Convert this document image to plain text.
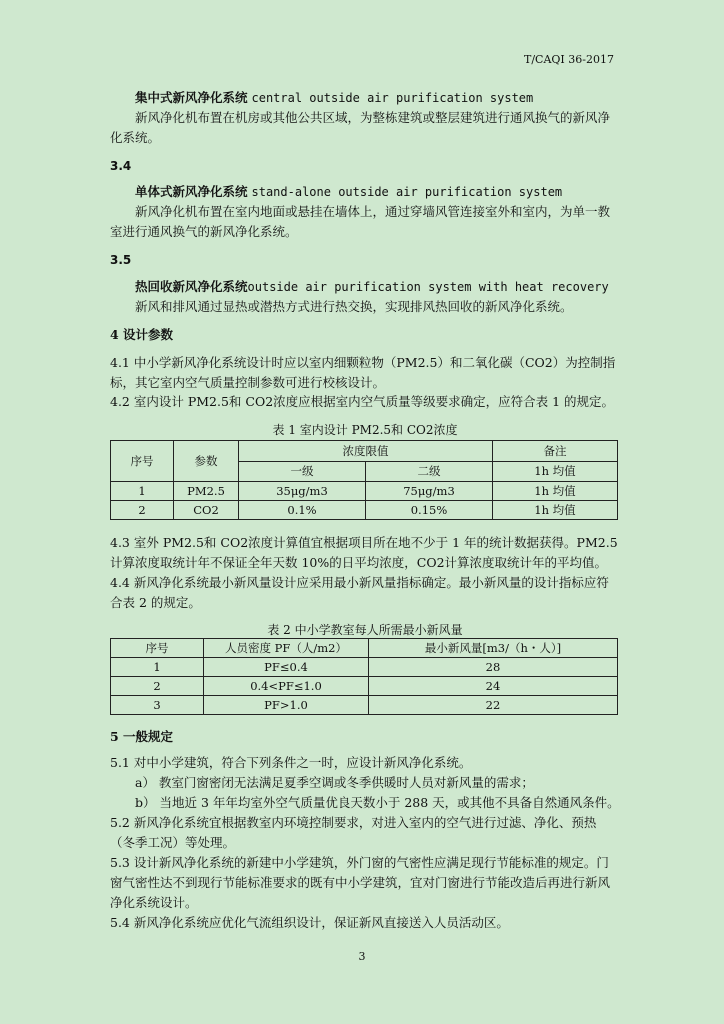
T/CAQI 36-2017
集中式新风净化系统 central outside air purification system
新风净化机布置在机房或其他公共区域，为整栋建筑或整层建筑进行通风换气的新风净化系统。
3.4
单体式新风净化系统 stand-alone outside air purification system
新风净化机布置在室内地面或悬挂在墙体上，通过穿墙风管连接室外和室内，为单一教室进行通风换气的新风净化系统。
3.5
热回收新风净化系统outside air purification system with heat recovery
新风和排风通过显热或潜热方式进行热交换，实现排风热回收的新风净化系统。
4 设计参数
4.1 中小学新风净化系统设计时应以室内细颗粒物（PM2.5）和二氧化碳（CO2）为控制指标，其它室内空气质量控制参数可进行校核设计。
4.2 室内设计 PM2.5和 CO2浓度应根据室内空气质量等级要求确定，应符合表 1 的规定。
表 1 室内设计 PM2.5和 CO2浓度
序号	参数	浓度限值		备注
		一级	二级	1h 均值
1	PM2.5	35μg/m3	75μg/m3	1h 均值
2	CO2	0.1%	0.15%	1h 均值
4.3 室外 PM2.5和 CO2浓度计算值宜根据项目所在地不少于 1 年的统计数据获得。PM2.5计算浓度取统计年不保证全年天数 10%的日平均浓度，CO2计算浓度取统计年的平均值。
4.4 新风净化系统最小新风量设计应采用最小新风量指标确定。最小新风量的设计指标应符合表 2 的规定。
表 2 中小学教室每人所需最小新风量
序号	人员密度 PF（人/m2）	最小新风量[m3/（h・人）]
1	PF≤0.4	28
2	0.4<PF≤1.0	24
3	PF>1.0	22
5 一般规定
5.1 对中小学建筑，符合下列条件之一时，应设计新风净化系统。
a） 教室门窗密闭无法满足夏季空调或冬季供暖时人员对新风量的需求；
b） 当地近 3 年年均室外空气质量优良天数小于 288 天，或其他不具备自然通风条件。
5.2 新风净化系统宜根据教室内环境控制要求，对进入室内的空气进行过滤、净化、预热（冬季工况）等处理。
5.3 设计新风净化系统的新建中小学建筑，外门窗的气密性应满足现行节能标准的规定。门窗气密性达不到现行节能标准要求的既有中小学建筑，宜对门窗进行节能改造后再进行新风净化系统设计。
5.4 新风净化系统应优化气流组织设计，保证新风直接送入人员活动区。
3
